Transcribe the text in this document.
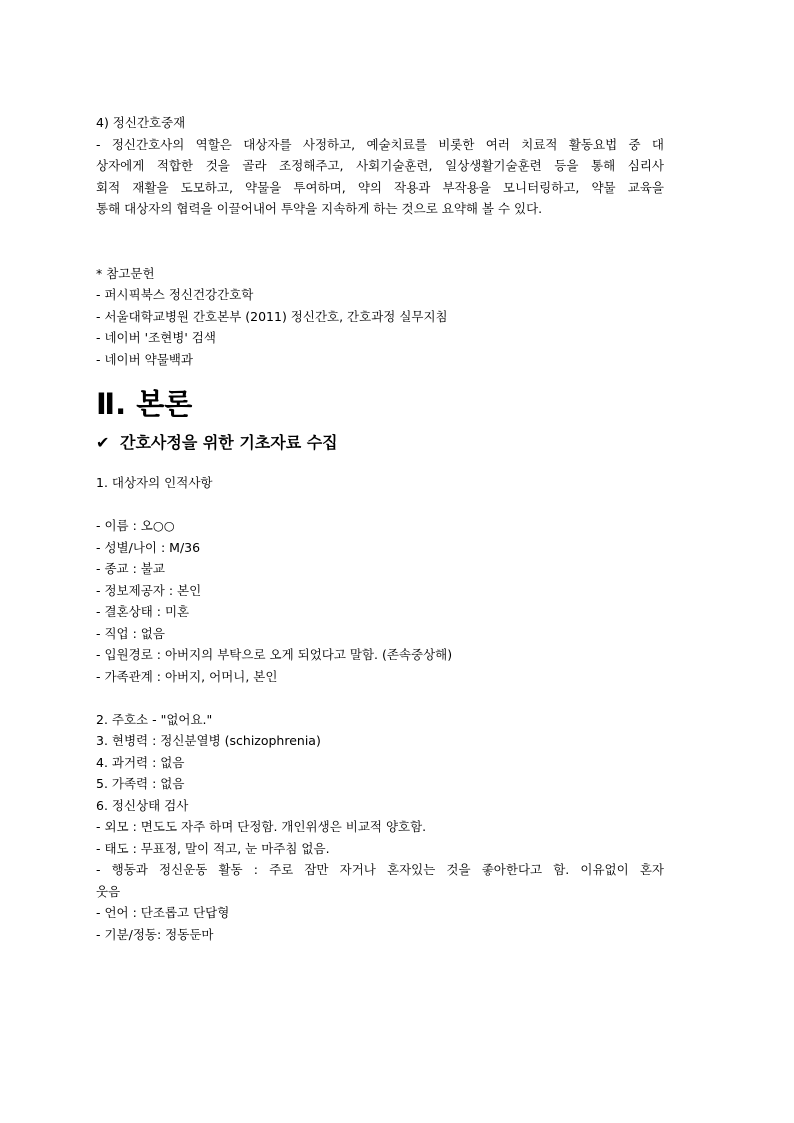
4) 정신간호중재
- 정신간호사의 역할은 대상자를 사정하고, 예술치료를 비롯한 여러 치료적 활동요법 중 대
상자에게 적합한 것을 골라 조정해주고, 사회기술훈련, 일상생활기술훈련 등을 통해 심리사
회적 재활을 도모하고, 약물을 투여하며, 약의 작용과 부작용을 모니터링하고, 약물 교육을
통해 대상자의 협력을 이끌어내어 투약을 지속하게 하는 것으로 요약해 볼 수 있다.
* 참고문헌
- 퍼시픽북스 정신건강간호학
- 서울대학교병원 간호본부 (2011) 정신간호, 간호과정 실무지침
- 네이버 '조현병' 검색
- 네이버 약물백과
Ⅱ. 본론
✔ 간호사정을 위한 기초자료 수집
1. 대상자의 인적사항
- 이름 : 오○○
- 성별/나이 : M/36
- 종교 : 불교
- 정보제공자 : 본인
- 결혼상태 : 미혼
- 직업 : 없음
- 입원경로 : 아버지의 부탁으로 오게 되었다고 말함. (존속중상해)
- 가족관계 : 아버지, 어머니, 본인
2. 주호소 - "없어요."
3. 현병력 : 정신분열병 (schizophrenia)
4. 과거력 : 없음
5. 가족력 : 없음
6. 정신상태 검사
- 외모 : 면도도 자주 하며 단정함. 개인위생은 비교적 양호함.
- 태도 : 무표정, 말이 적고, 눈 마주침 없음.
- 행동과 정신운동 활동 : 주로 잠만 자거나 혼자있는 것을 좋아한다고 함. 이유없이 혼자
웃음
- 언어 : 단조롭고 단답형
- 기분/정동: 정동둔마
